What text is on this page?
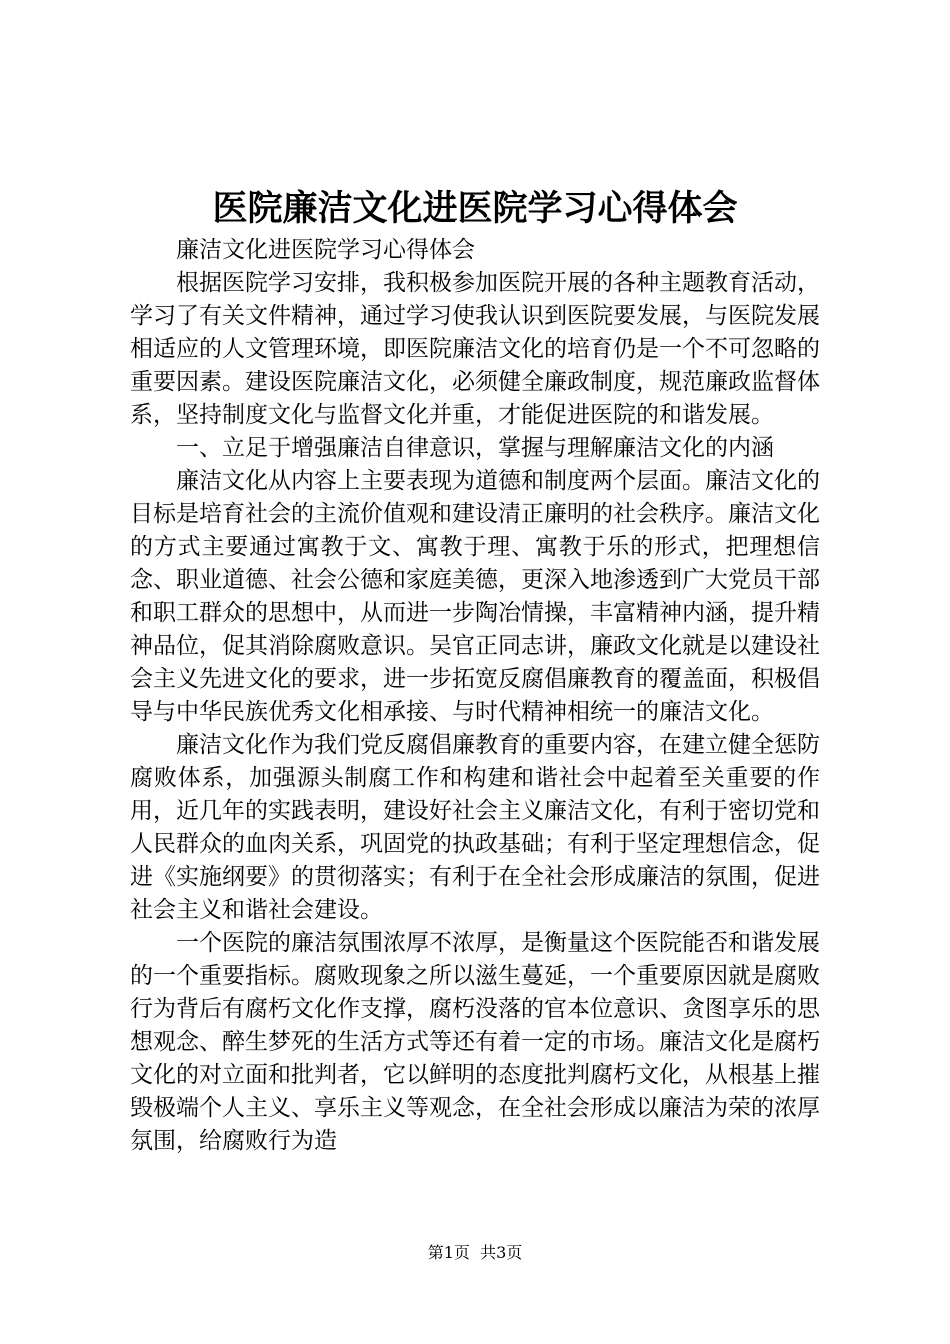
医院廉洁文化进医院学习心得体会

廉洁文化进医院学习心得体会

根据医院学习安排，我积极参加医院开展的各种主题教育活动，学习了有关文件精神，通过学习使我认识到医院要发展，与医院发展相适应的人文管理环境，即医院廉洁文化的培育仍是一个不可忽略的重要因素。建设医院廉洁文化，必须健全廉政制度，规范廉政监督体系，坚持制度文化与监督文化并重，才能促进医院的和谐发展。

一、立足于增强廉洁自律意识，掌握与理解廉洁文化的内涵

廉洁文化从内容上主要表现为道德和制度两个层面。廉洁文化的目标是培育社会的主流价值观和建设清正廉明的社会秩序。廉洁文化的方式主要通过寓教于文、寓教于理、寓教于乐的形式，把理想信念、职业道德、社会公德和家庭美德，更深入地渗透到广大党员干部和职工群众的思想中，从而进一步陶冶情操，丰富精神内涵，提升精神品位，促其消除腐败意识。吴官正同志讲，廉政文化就是以建设社会主义先进文化的要求，进一步拓宽反腐倡廉教育的覆盖面，积极倡导与中华民族优秀文化相承接、与时代精神相统一的廉洁文化。

廉洁文化作为我们党反腐倡廉教育的重要内容，在建立健全惩防腐败体系，加强源头制腐工作和构建和谐社会中起着至关重要的作用，近几年的实践表明，建设好社会主义廉洁文化，有利于密切党和人民群众的血肉关系，巩固党的执政基础；有利于坚定理想信念，促进《实施纲要》的贯彻落实；有利于在全社会形成廉洁的氛围，促进社会主义和谐社会建设。

一个医院的廉洁氛围浓厚不浓厚，是衡量这个医院能否和谐发展的一个重要指标。腐败现象之所以滋生蔓延，一个重要原因就是腐败行为背后有腐朽文化作支撑，腐朽没落的官本位意识、贪图享乐的思想观念、醉生梦死的生活方式等还有着一定的市场。廉洁文化是腐朽文化的对立面和批判者，它以鲜明的态度批判腐朽文化，从根基上摧毁极端个人主义、享乐主义等观念，在全社会形成以廉洁为荣的浓厚氛围，给腐败行为造

第1页  共3页
